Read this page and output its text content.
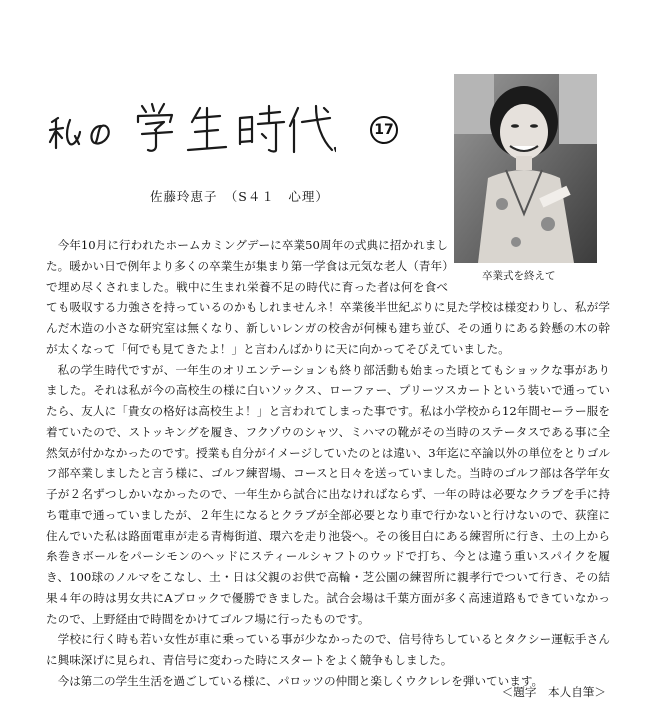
17
佐藤玲恵子　（S４１　心理）
卒業式を終えて

今年10月に行われたホームカミングデーに卒業50周年の式典に招かれました。暖かい日で例年より多くの卒業生が集まり第一学食は元気な老人（青年）で埋め尽くされました。戦中に生まれ栄養不足の時代に育った者は何を食べても吸収する力強さを持っているのかもしれませんネ！卒業後半世紀ぶりに見た学校は様変わりし、私が学んだ木造の小さな研究室は無くなり、新しいレンガの校舎が何棟も建ち並び、その通りにある鈴懸の木の幹が太くなって「何でも見てきたよ！」と言わんばかりに天に向かってそびえていました。

私の学生時代ですが、一年生のオリエンテーションも終り部活動も始まった頃とてもショックな事がありました。それは私が今の高校生の様に白いソックス、ローファー、プリーツスカートという装いで通っていたら、友人に「貴女の格好は高校生よ！」と言われてしまった事です。私は小学校から12年間セーラー服を着ていたので、ストッキングを履き、フクゾウのシャツ、ミハマの靴がその当時のステータスである事に全然気が付かなかったのです。授業も自分がイメージしていたのとは違い、3年迄に卒論以外の単位をとりゴルフ部卒業しましたと言う様に、ゴルフ練習場、コースと日々を送っていました。当時のゴルフ部は各学年女子が２名ずつしかいなかったので、一年生から試合に出なければならず、一年の時は必要なクラブを手に持ち電車で通っていましたが、２年生になるとクラブが全部必要となり車で行かないと行けないので、荻窪に住んでいた私は路面電車が走る青梅街道、環六を走り池袋へ。その後目白にある練習所に行き、土の上から糸巻きボールをパーシモンのヘッドにスティールシャフトのウッドで打ち、今とは違う重いスパイクを履き、100球のノルマをこなし、土・日は父親のお供で高輪・芝公園の練習所に親孝行でついて行き、その結果４年の時は男女共にAブロックで優勝できました。試合会場は千葉方面が多く高速道路もできていなかったので、上野経由で時間をかけてゴルフ場に行ったものです。

学校に行く時も若い女性が車に乗っている事が少なかったので、信号待ちしているとタクシー運転手さんに興味深げに見られ、青信号に変わった時にスタートをよく競争もしました。

今は第二の学生生活を過ごしている様に、パロッツの仲間と楽しくウクレレを弾いています。

＜題字　本人自筆＞
